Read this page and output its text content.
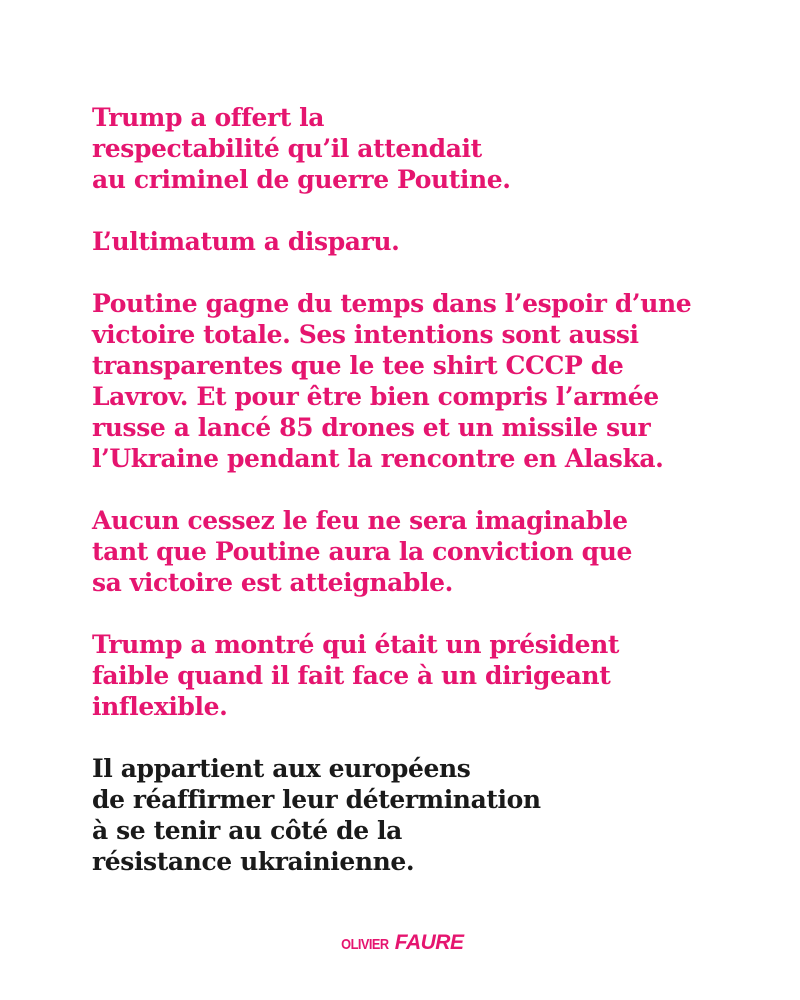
Trump a offert la
respectabilité qu’il attendait
au criminel de guerre Poutine.

L’ultimatum a disparu.

Poutine gagne du temps dans l’espoir d’une
victoire totale. Ses intentions sont aussi
transparentes que le tee shirt CCCP de
Lavrov. Et pour être bien compris l’armée
russe a lancé 85 drones et un missile sur
l’Ukraine pendant la rencontre en Alaska.

Aucun cessez le feu ne sera imaginable
tant que Poutine aura la conviction que
sa victoire est atteignable.

Trump a montré qui était un président
faible quand il fait face à un dirigeant
inflexible.

Il appartient aux européens
de réaffirmer leur détermination
à se tenir au côté de la
résistance ukrainienne.

OLIVIER FAURE
